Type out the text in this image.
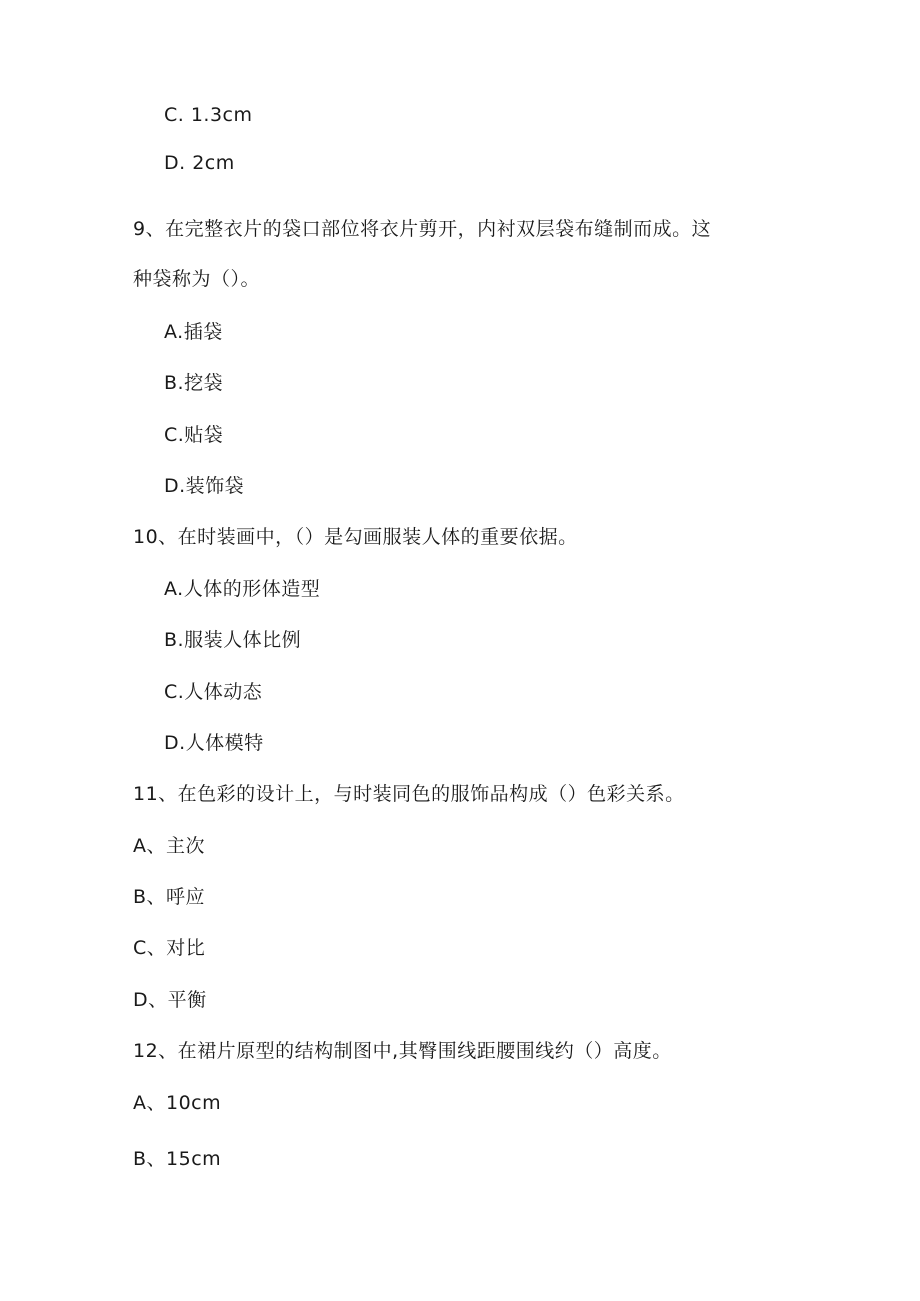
C. 1.3cm
D. 2cm
9、在完整衣片的袋口部位将衣片剪开，内衬双层袋布缝制而成。这
种袋称为（）。
A.插袋
B.挖袋
C.贴袋
D.装饰袋
10、在时装画中，（）是勾画服装人体的重要依据。
A.人体的形体造型
B.服装人体比例
C.人体动态
D.人体模特
11、在色彩的设计上，与时装同色的服饰品构成（）色彩关系。
A、主次
B、呼应
C、对比
D、平衡
12、在裙片原型的结构制图中,其臀围线距腰围线约（）高度。
A、10cm
B、15cm
